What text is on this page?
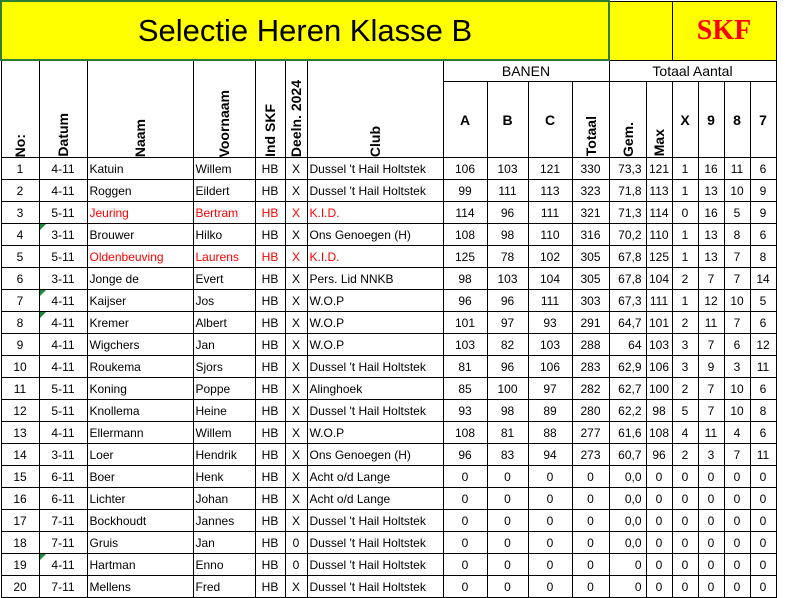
Selectie Heren Klasse B													SKF			

No:	Datum	Naam	Voornaam	Ind SKF	Deeln. 2024	Club	BANEN				Totaal Aantal					
							A	B	C	Totaal	Gem.	Max	X	9	8	7
1	4-11	Katuin	Willem	HB	X	Dussel 't Hail Holtstek	106	103	121	330	73,3	121	1	16	11	6
2	4-11	Roggen	Eildert	HB	X	Dussel 't Hail Holtstek	99	111	113	323	71,8	113	1	13	10	9
3	5-11	Jeuring	Bertram	HB	X	K.I.D.	114	96	111	321	71,3	114	0	16	5	9
4	3-11	Brouwer	Hilko	HB	X	Ons Genoegen (H)	108	98	110	316	70,2	110	1	13	8	6
5	5-11	Oldenbeuving	Laurens	HB	X	K.I.D.	125	78	102	305	67,8	125	1	13	7	8
6	3-11	Jonge de	Evert	HB	X	Pers. Lid NNKB	98	103	104	305	67,8	104	2	7	7	14
7	4-11	Kaijser	Jos	HB	X	W.O.P	96	96	111	303	67,3	111	1	12	10	5
8	4-11	Kremer	Albert	HB	X	W.O.P	101	97	93	291	64,7	101	2	11	7	6
9	4-11	Wigchers	Jan	HB	X	W.O.P	103	82	103	288	64	103	3	7	6	12
10	4-11	Roukema	Sjors	HB	X	Dussel 't Hail Holtstek	81	96	106	283	62,9	106	3	9	3	11
11	5-11	Koning	Poppe	HB	X	Alinghoek	85	100	97	282	62,7	100	2	7	10	6
12	5-11	Knollema	Heine	HB	X	Dussel 't Hail Holtstek	93	98	89	280	62,2	98	5	7	10	8
13	4-11	Ellermann	Willem	HB	X	W.O.P	108	81	88	277	61,6	108	4	11	4	6
14	3-11	Loer	Hendrik	HB	X	Ons Genoegen (H)	96	83	94	273	60,7	96	2	3	7	11
15	6-11	Boer	Henk	HB	X	Acht o/d Lange	0	0	0	0	0,0	0	0	0	0	0
16	6-11	Lichter	Johan	HB	X	Acht o/d Lange	0	0	0	0	0,0	0	0	0	0	0
17	7-11	Bockhoudt	Jannes	HB	X	Dussel 't Hail Holtstek	0	0	0	0	0,0	0	0	0	0	0
18	7-11	Gruis	Jan	HB	0	Dussel 't Hail Holtstek	0	0	0	0	0,0	0	0	0	0	0
19	4-11	Hartman	Enno	HB	0	Dussel 't Hail Holtstek	0	0	0	0	0	0	0	0	0	0
20	7-11	Mellens	Fred	HB	X	Dussel 't Hail Holtstek	0	0	0	0	0	0	0	0	0	0
